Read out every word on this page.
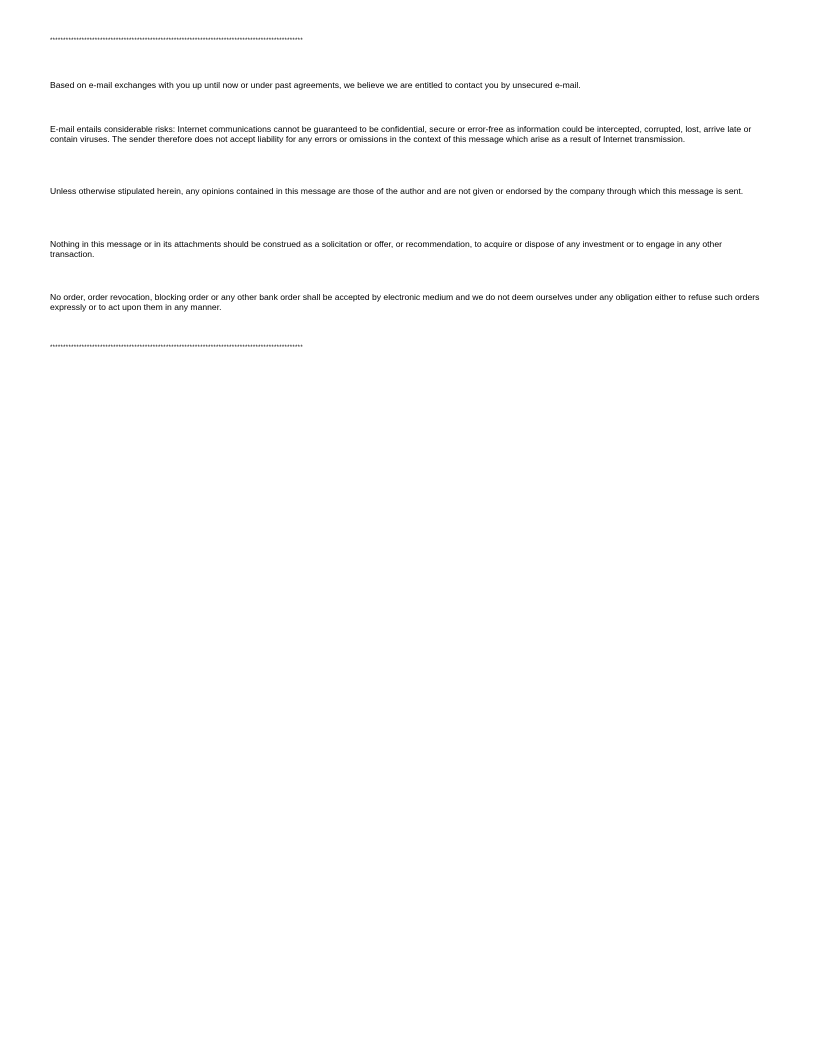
************************************************************************************************

Based on e-mail exchanges with you up until now or under past agreements, we believe we are entitled to contact you by unsecured e-mail.

E-mail entails considerable risks: Internet communications cannot be guaranteed to be confidential, secure or error-free as information could be intercepted, corrupted, lost, arrive late or contain viruses. The sender therefore does not accept liability for any errors or omissions in the context of this message which arise as a result of Internet transmission.

Unless otherwise stipulated herein, any opinions contained in this message are those of the author and are not given or endorsed by the company through which this message is sent.

Nothing in this message or in its attachments should be construed as a solicitation or offer, or recommendation, to acquire or dispose of any investment or to engage in any other transaction.

No order, order revocation, blocking order or any other bank order shall be accepted by electronic medium and we do not deem ourselves under any obligation either to refuse such orders expressly or to act upon them in any manner.

************************************************************************************************
